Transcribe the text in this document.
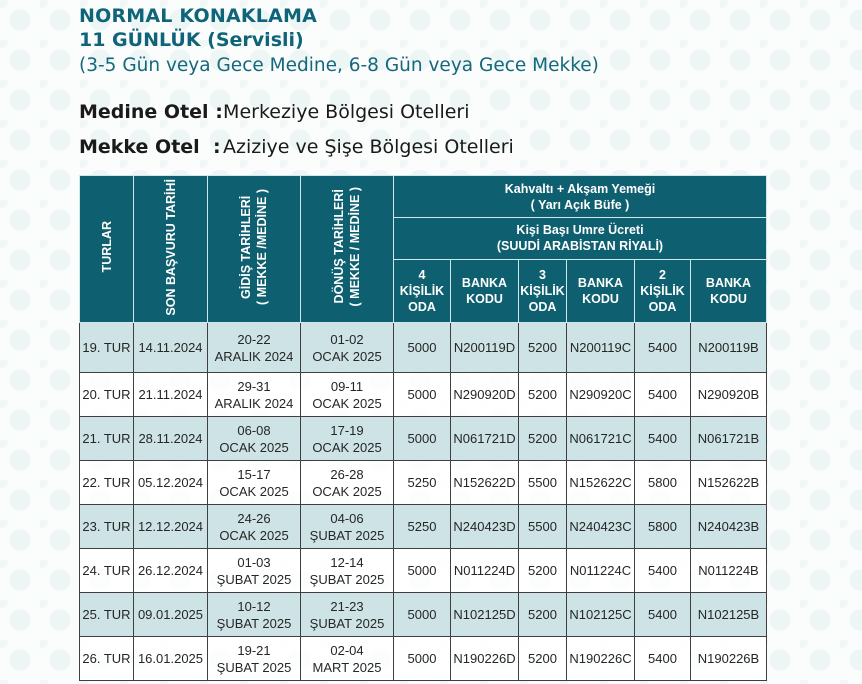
NORMAL KONAKLAMA
11 GÜNLÜK (Servisli)
(3-5 Gün veya Gece Medine, 6-8 Gün veya Gece Mekke)
Medine Otel : Merkeziye Bölgesi Otelleri
Mekke Otel : Aziziye ve Şişe Bölgesi Otelleri
TURLAR	SON BAŞVURU TARİHİ	GİDİŞ TARİHLERİ ( MEKKE /MEDİNE )	DÖNÜŞ TARİHLERİ ( MEKKE / MEDİNE )	Kahvaltı + Akşam Yemeği
( Yarı Açık Büfe )					
				Kişi Başı Umre Ücreti
(SUUDİ ARABİSTAN RİYALİ)					
				4
KİŞİLİK
ODA	BANKA
KODU	3
KİŞİLİK
ODA	BANKA
KODU	2
KİŞİLİK
ODA	BANKA
KODU
19. TUR	14.11.2024	20-22
ARALIK 2024	01-02
OCAK 2025	5000	N200119D	5200	N200119C	5400	N200119B
20. TUR	21.11.2024	29-31
ARALIK 2024	09-11
OCAK 2025	5000	N290920D	5200	N290920C	5400	N290920B
21. TUR	28.11.2024	06-08
OCAK 2025	17-19
OCAK 2025	5000	N061721D	5200	N061721C	5400	N061721B
22. TUR	05.12.2024	15-17
OCAK 2025	26-28
OCAK 2025	5250	N152622D	5500	N152622C	5800	N152622B
23. TUR	12.12.2024	24-26
OCAK 2025	04-06
ŞUBAT 2025	5250	N240423D	5500	N240423C	5800	N240423B
24. TUR	26.12.2024	01-03
ŞUBAT 2025	12-14
ŞUBAT 2025	5000	N011224D	5200	N011224C	5400	N011224B
25. TUR	09.01.2025	10-12
ŞUBAT 2025	21-23
ŞUBAT 2025	5000	N102125D	5200	N102125C	5400	N102125B
26. TUR	16.01.2025	19-21
ŞUBAT 2025	02-04
MART 2025	5000	N190226D	5200	N190226C	5400	N190226B
